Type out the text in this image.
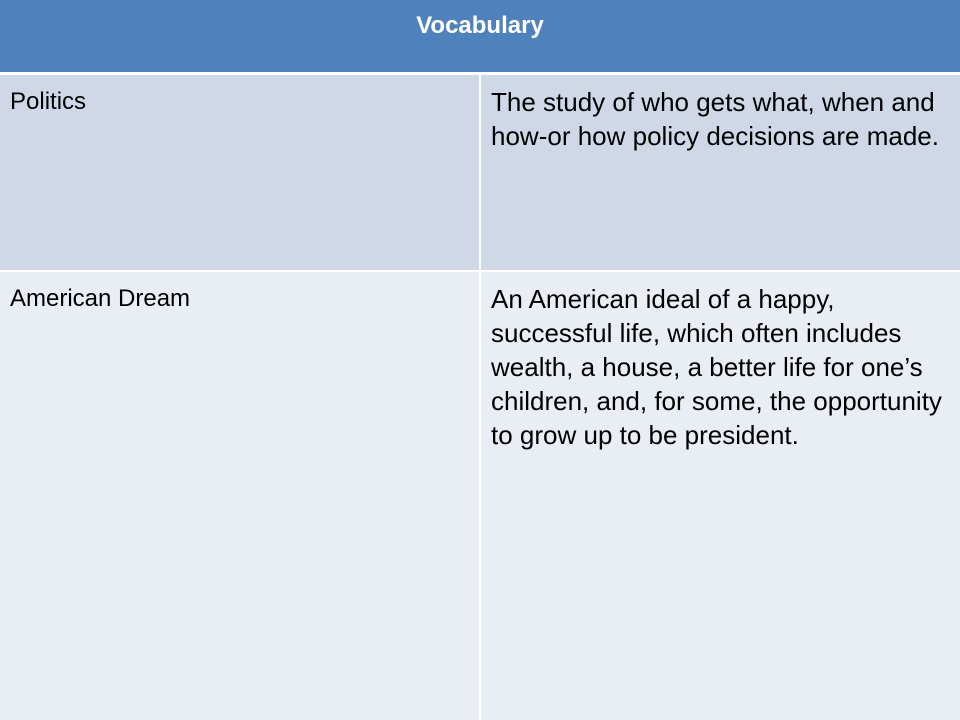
Vocabulary	
Politics	The study of who gets what, when and how-or how policy decisions are made.
American Dream	An American ideal of a happy, successful life, which often includes wealth, a house, a better life for one’s children, and, for some, the opportunity to grow up to be president.
